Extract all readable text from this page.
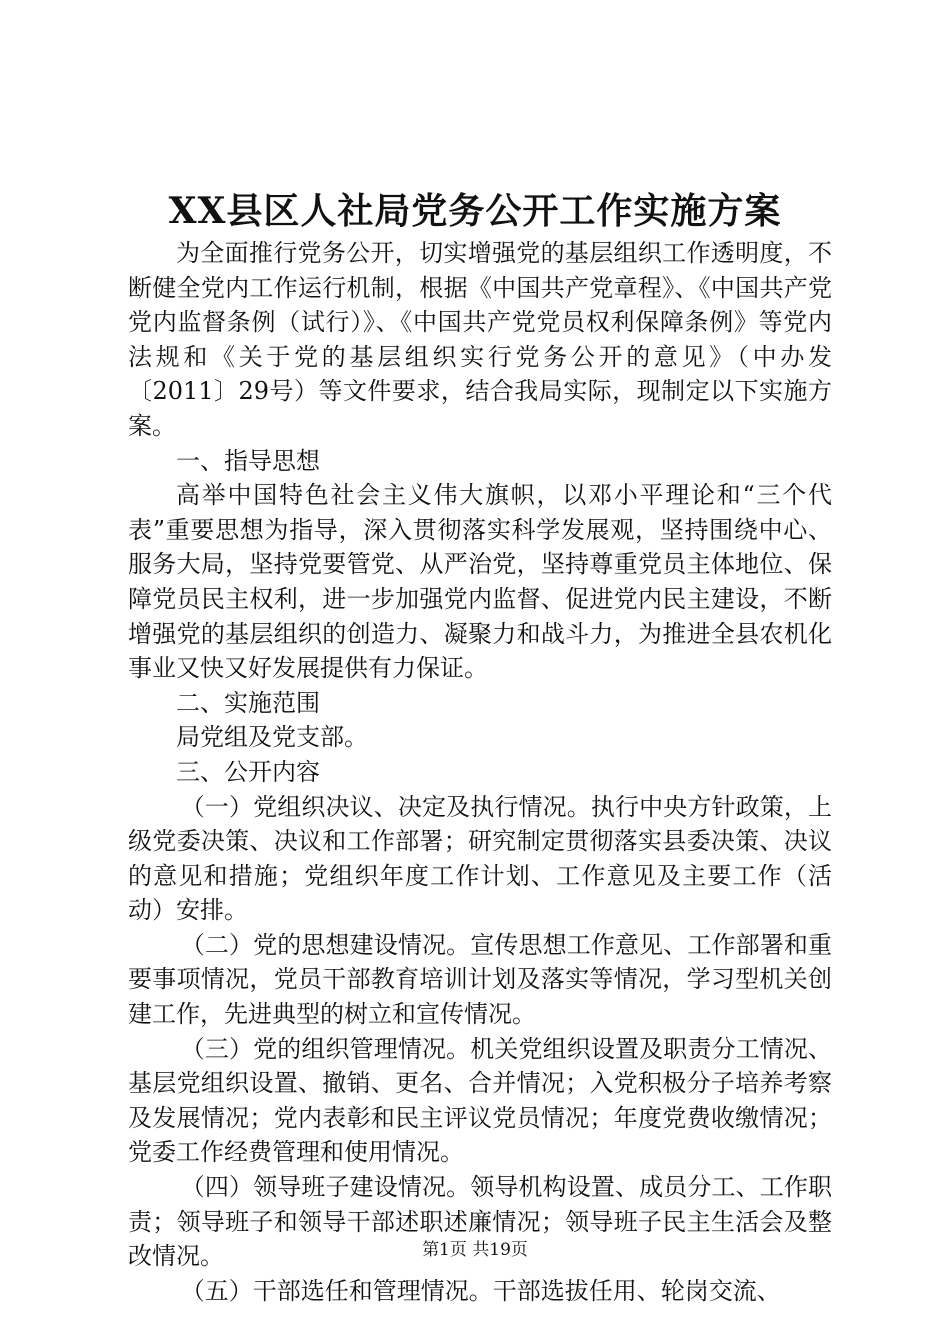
XX县区人社局党务公开工作实施方案

为全面推行党务公开，切实增强党的基层组织工作透明度，不断健全党内工作运行机制，根据《中国共产党章程》、《中国共产党党内监督条例（试行）》、《中国共产党党员权利保障条例》等党内法规和《关于党的基层组织实行党务公开的意见》（中办发〔2011〕29号）等文件要求，结合我局实际，现制定以下实施方案。

一、指导思想

高举中国特色社会主义伟大旗帜，以邓小平理论和“三个代表”重要思想为指导，深入贯彻落实科学发展观，坚持围绕中心、服务大局，坚持党要管党、从严治党，坚持尊重党员主体地位、保障党员民主权利，进一步加强党内监督、促进党内民主建设，不断增强党的基层组织的创造力、凝聚力和战斗力，为推进全县农机化事业又快又好发展提供有力保证。

二、实施范围

局党组及党支部。

三、公开内容

（一）党组织决议、决定及执行情况。执行中央方针政策，上级党委决策、决议和工作部署；研究制定贯彻落实县委决策、决议的意见和措施；党组织年度工作计划、工作意见及主要工作（活动）安排。

（二）党的思想建设情况。宣传思想工作意见、工作部署和重要事项情况，党员干部教育培训计划及落实等情况，学习型机关创建工作，先进典型的树立和宣传情况。

（三）党的组织管理情况。机关党组织设置及职责分工情况、基层党组织设置、撤销、更名、合并情况；入党积极分子培养考察及发展情况；党内表彰和民主评议党员情况；年度党费收缴情况；党委工作经费管理和使用情况。

（四）领导班子建设情况。领导机构设置、成员分工、工作职责；领导班子和领导干部述职述廉情况；领导班子民主生活会及整改情况。

（五）干部选任和管理情况。干部选拔任用、轮岗交流、

第1页 共19页
